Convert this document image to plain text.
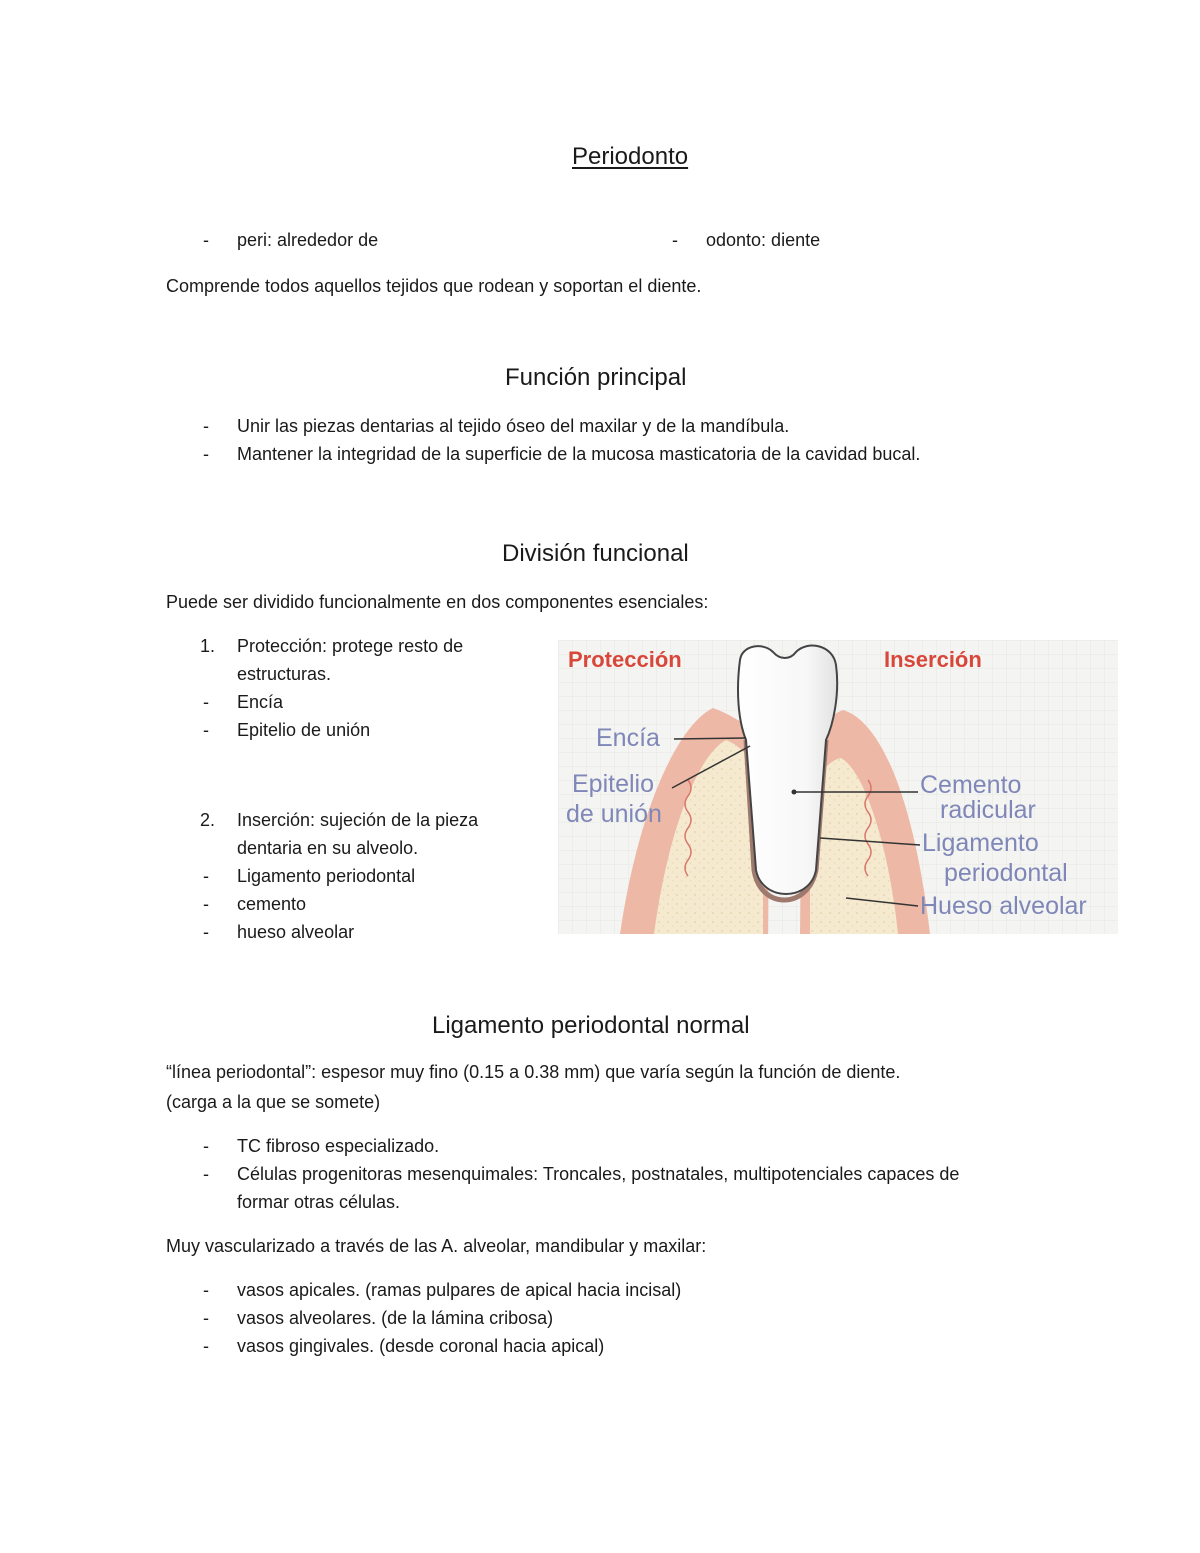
Periodonto
- peri: alrededor de	- odonto: diente
Comprende todos aquellos tejidos que rodean y soportan el diente.
Función principal
- Unir las piezas dentarias al tejido óseo del maxilar y de la mandíbula.
- Mantener la integridad de la superficie de la mucosa masticatoria de la cavidad bucal.
División funcional
Puede ser dividido funcionalmente en dos componentes esenciales:
1. Protección: protege resto de
estructuras.
- Encía
- Epitelio de unión
2. Inserción: sujeción de la pieza
dentaria en su alveolo.
- Ligamento periodontal
- cemento
- hueso alveolar
Protección	Inserción
Encía
Epitelio
de unión
Cemento
radicular
Ligamento
periodontal
Hueso alveolar
Ligamento periodontal normal
“línea periodontal”: espesor muy fino (0.15 a 0.38 mm) que varía según la función de diente.
(carga a la que se somete)
- TC fibroso especializado.
- Células progenitoras mesenquimales: Troncales, postnatales, multipotenciales capaces de
formar otras células.
Muy vascularizado a través de las A. alveolar, mandibular y maxilar:
- vasos apicales. (ramas pulpares de apical hacia incisal)
- vasos alveolares. (de la lámina cribosa)
- vasos gingivales. (desde coronal hacia apical)
